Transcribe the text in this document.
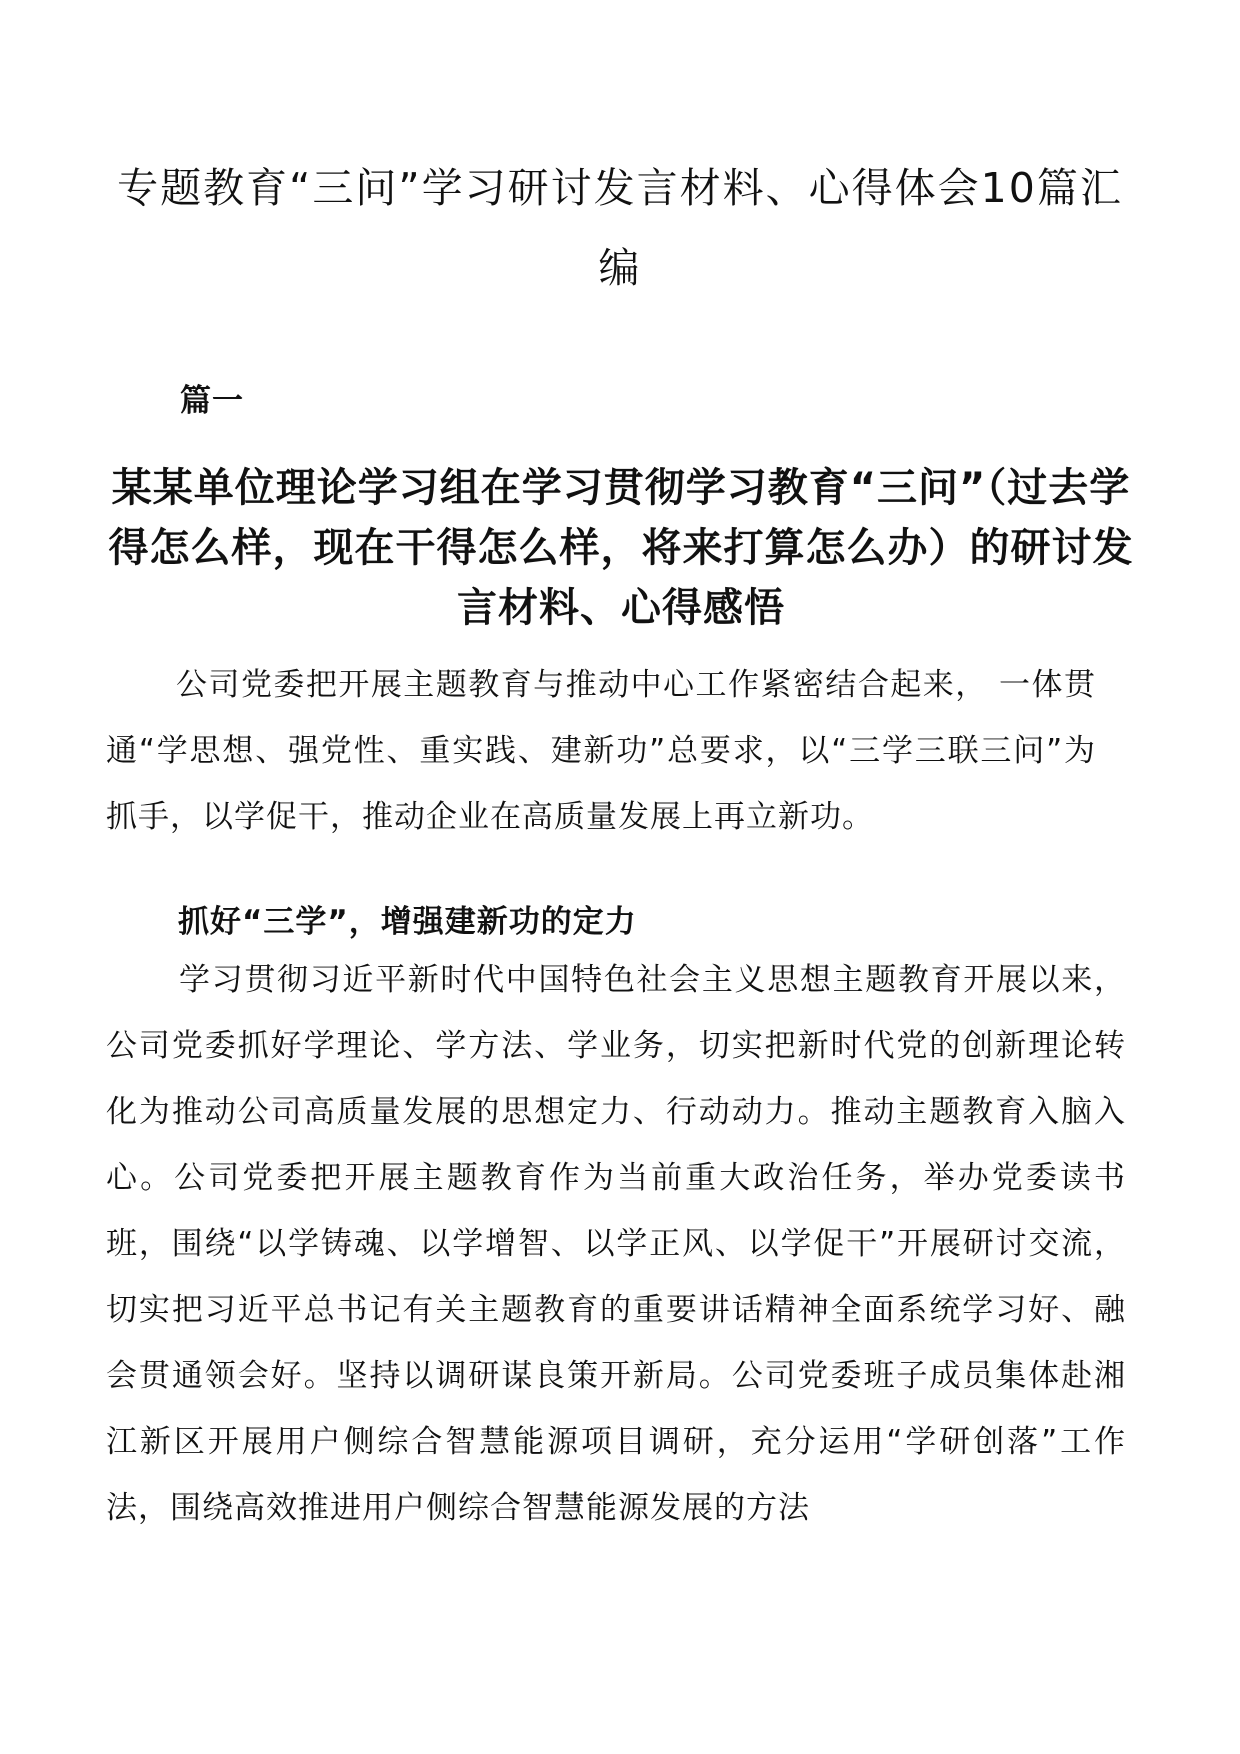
专题教育“三问”学习研讨发言材料、心得体会10篇汇编
篇一
某某单位理论学习组在学习贯彻学习教育“三问”（过去学得怎么样，现在干得怎么样，将来打算怎么办）的研讨发言材料、心得感悟

公司党委把开展主题教育与推动中心工作紧密结合起来， 一体贯通“学思想、强党性、重实践、建新功”总要求，以“三学三联三问”为抓手，以学促干，推动企业在高质量发展上再立新功。

抓好“三学”，增强建新功的定力

学习贯彻习近平新时代中国特色社会主义思想主题教育开展以来，公司党委抓好学理论、学方法、学业务，切实把新时代党的创新理论转化为推动公司高质量发展的思想定力、行动动力。推动主题教育入脑入心。公司党委把开展主题教育作为当前重大政治任务，举办党委读书班，围绕“以学铸魂、以学增智、以学正风、以学促干”开展研讨交流，切实把习近平总书记有关主题教育的重要讲话精神全面系统学习好、融会贯通领会好。坚持以调研谋良策开新局。公司党委班子成员集体赴湘江新区开展用户侧综合智慧能源项目调研，充分运用“学研创落”工作法，围绕高效推进用户侧综合智慧能源发展的方法
